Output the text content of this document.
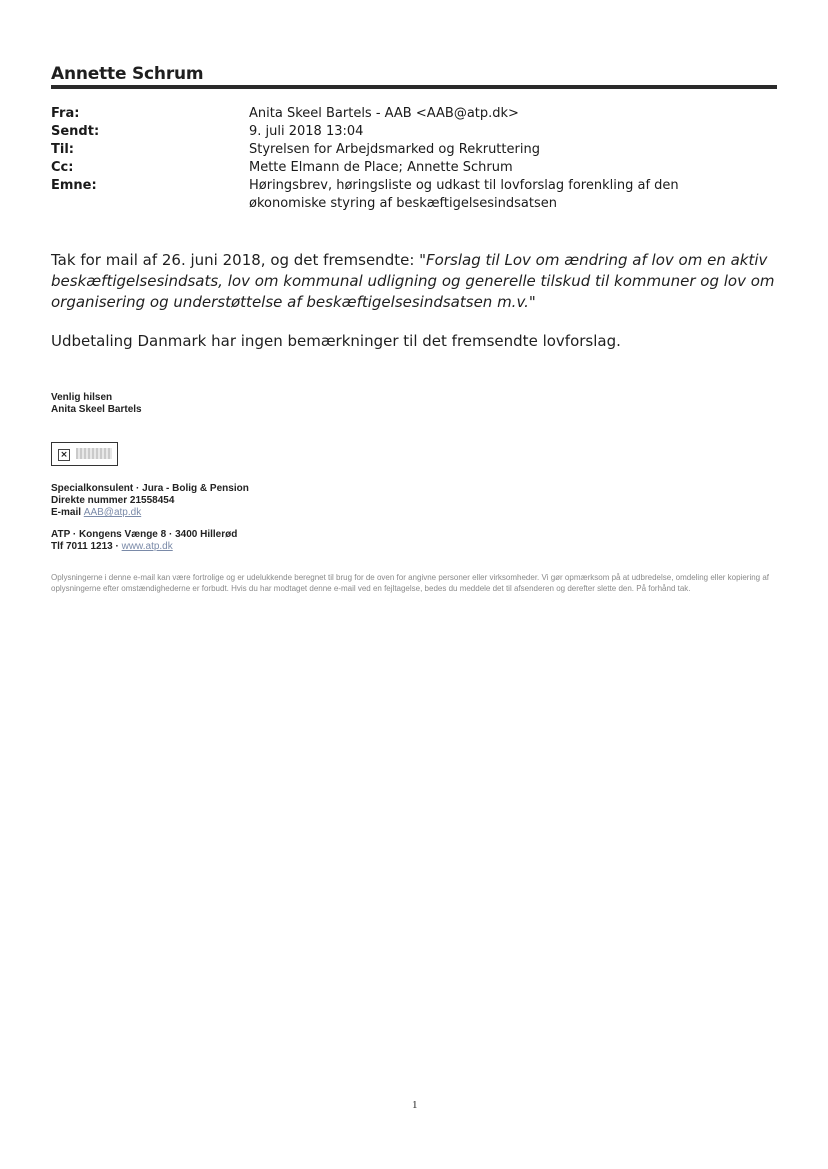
Annette Schrum
Fra:	Anita Skeel Bartels - AAB <AAB@atp.dk>
Sendt:	9. juli 2018 13:04
Til:	Styrelsen for Arbejdsmarked og Rekruttering
Cc:	Mette Elmann de Place; Annette Schrum
Emne:	Høringsbrev, høringsliste og udkast til lovforslag forenkling af den økonomiske styring af beskæftigelsesindsatsen

Tak for mail af 26. juni 2018, og det fremsendte: "Forslag til Lov om ændring af lov om en aktiv beskæftigelsesindsats, lov om kommunal udligning og generelle tilskud til kommuner og lov om organisering og understøttelse af beskæftigelsesindsatsen m.v."

Udbetaling Danmark har ingen bemærkninger til det fremsendte lovforslag.
Venlig hilsen
Anita Skeel Bartels
×
Specialkonsulent · Jura - Bolig & Pension
Direkte nummer 21558454
E-mail AAB@atp.dk
ATP · Kongens Vænge 8 · 3400 Hillerød
Tlf 7011 1213 · www.atp.dk
Oplysningerne i denne e-mail kan være fortrolige og er udelukkende beregnet til brug for de oven for angivne personer eller virksomheder. Vi gør opmærksom på at udbredelse, omdeling eller kopiering af oplysningerne efter omstændighederne er forbudt. Hvis du har modtaget denne e-mail ved en fejltagelse, bedes du meddele det til afsenderen og derefter slette den. På forhånd tak.
1
